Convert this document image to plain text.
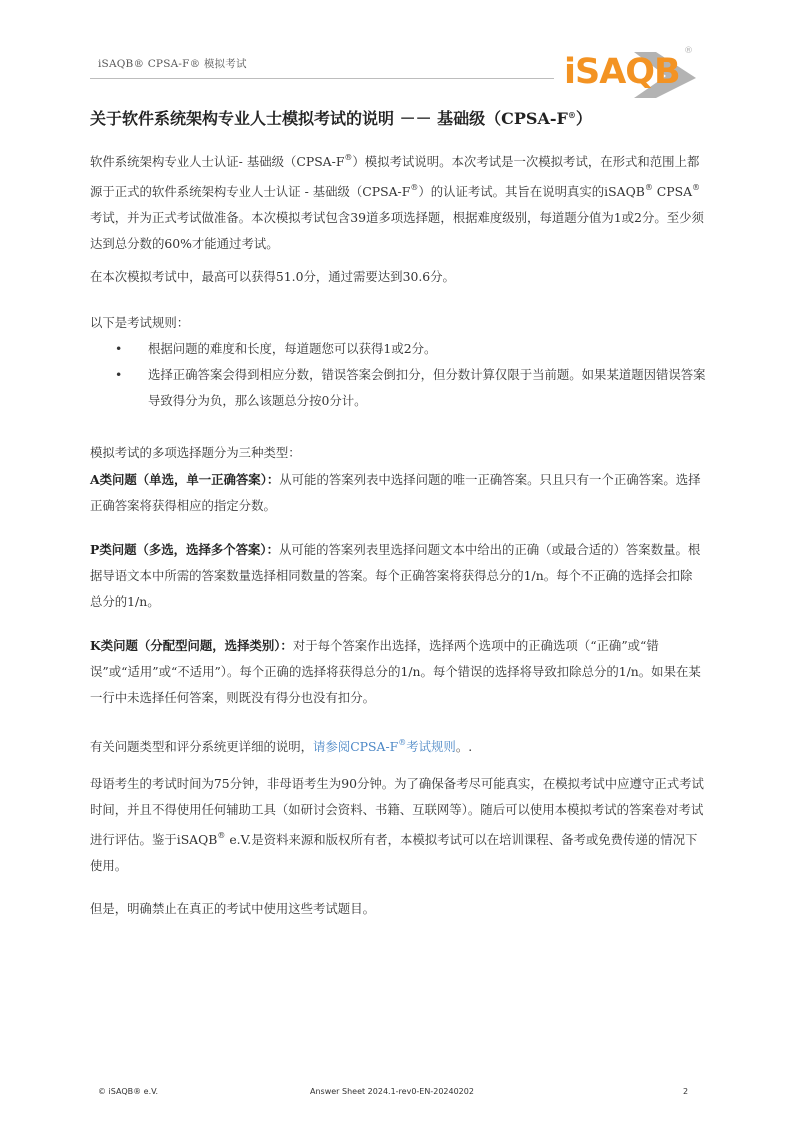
iSAQB® CPSA-F® 模拟考试	iSAQB
®
关于软件系统架构专业人士模拟考试的说明 －－ 基础级（CPSA-F®）
软件系统架构专业人士认证- 基础级（CPSA-F®）模拟考试说明。本次考试是一次模拟考试，在形式和范围上都源于正式的软件系统架构专业人士认证 - 基础级（CPSA-F®）的认证考试。其旨在说明真实的iSAQB® CPSA®考试，并为正式考试做准备。本次模拟考试包含39道多项选择题，根据难度级别，每道题分值为1或2分。至少须达到总分数的60%才能通过考试。
在本次模拟考试中，最高可以获得51.0分，通过需要达到30.6分。
以下是考试规则：
•	根据问题的难度和长度，每道题您可以获得1或2分。
•	选择正确答案会得到相应分数，错误答案会倒扣分，但分数计算仅限于当前题。如果某道题因错误答案导致得分为负，那么该题总分按0分计。
模拟考试的多项选择题分为三种类型：
A类问题（单选，单一正确答案）：从可能的答案列表中选择问题的唯一正确答案。只且只有一个正确答案。选择正确答案将获得相应的指定分数。
P类问题（多选，选择多个答案）：从可能的答案列表里选择问题文本中给出的正确（或最合适的）答案数量。根据导语文本中所需的答案数量选择相同数量的答案。每个正确答案将获得总分的1/n。每个不正确的选择会扣除总分的1/n。
K类问题（分配型问题，选择类别）：对于每个答案作出选择，选择两个选项中的正确选项（“正确”或“错误”或“适用”或“不适用”）。每个正确的选择将获得总分的1/n。每个错误的选择将导致扣除总分的1/n。如果在某一行中未选择任何答案，则既没有得分也没有扣分。
有关问题类型和评分系统更详细的说明，请参阅CPSA-F®考试规则。.
母语考生的考试时间为75分钟，非母语考生为90分钟。为了确保备考尽可能真实，在模拟考试中应遵守正式考试时间，并且不得使用任何辅助工具（如研讨会资料、书籍、互联网等）。随后可以使用本模拟考试的答案卷对考试进行评估。鉴于iSAQB® e.V.是资料来源和版权所有者，本模拟考试可以在培训课程、备考或免费传递的情况下使用。
但是，明确禁止在真正的考试中使用这些考试题目。
© iSAQB® e.V.	Answer Sheet 2024.1-rev0-EN-20240202	2
